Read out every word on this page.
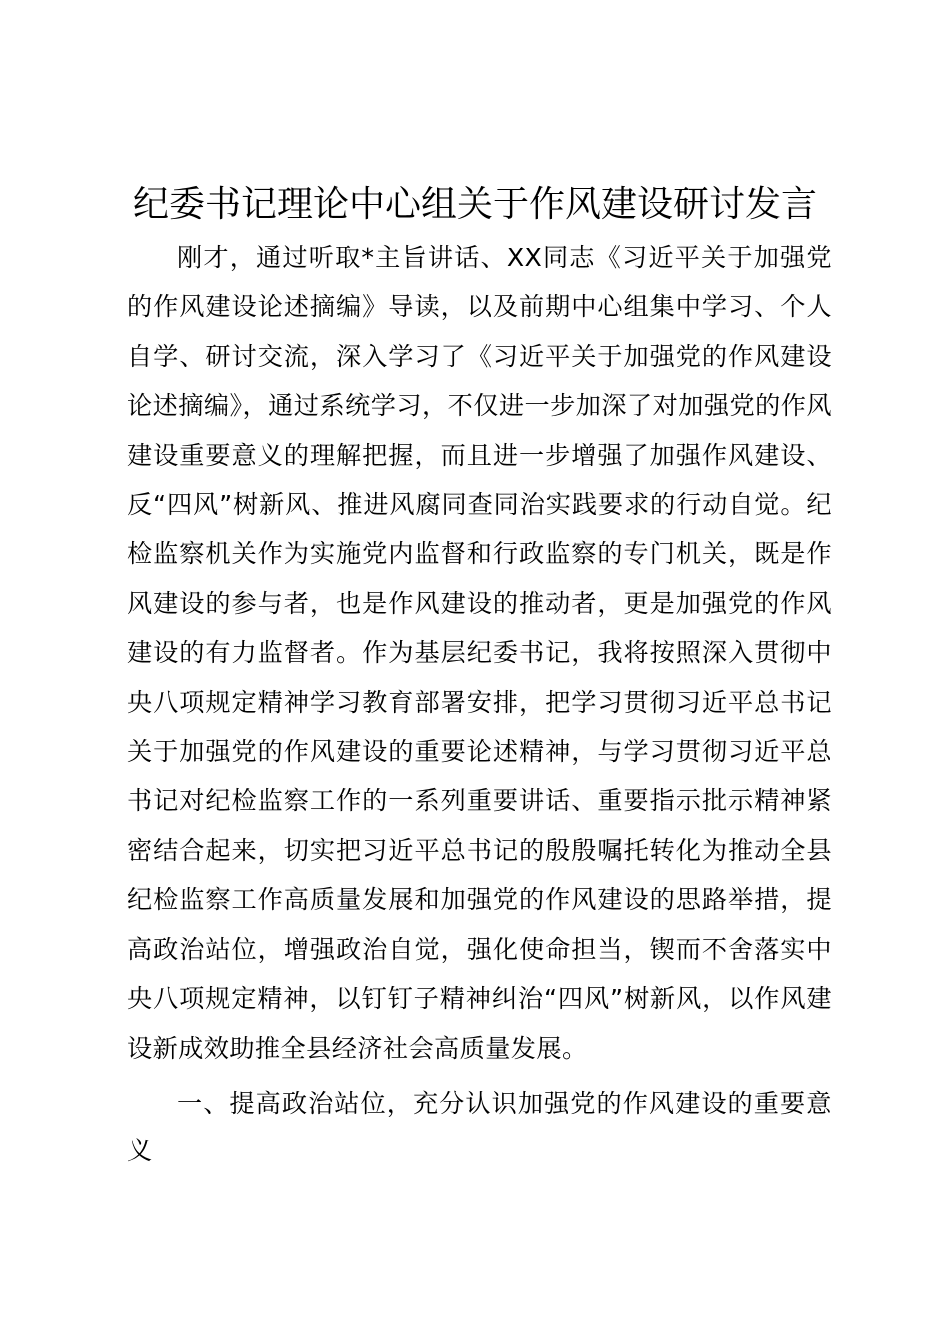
纪委书记理论中心组关于作风建设研讨发言

刚才，通过听取*主旨讲话、XX同志《习近平关于加强党的作风建设论述摘编》导读，以及前期中心组集中学习、个人自学、研讨交流，深入学习了《习近平关于加强党的作风建设论述摘编》，通过系统学习，不仅进一步加深了对加强党的作风建设重要意义的理解把握，而且进一步增强了加强作风建设、反“四风”树新风、推进风腐同查同治实践要求的行动自觉。纪检监察机关作为实施党内监督和行政监察的专门机关，既是作风建设的参与者，也是作风建设的推动者，更是加强党的作风建设的有力监督者。作为基层纪委书记，我将按照深入贯彻中央八项规定精神学习教育部署安排，把学习贯彻习近平总书记关于加强党的作风建设的重要论述精神，与学习贯彻习近平总书记对纪检监察工作的一系列重要讲话、重要指示批示精神紧密结合起来，切实把习近平总书记的殷殷嘱托转化为推动全县纪检监察工作高质量发展和加强党的作风建设的思路举措，提高政治站位，增强政治自觉，强化使命担当，锲而不舍落实中央八项规定精神，以钉钉子精神纠治“四风”树新风，以作风建设新成效助推全县经济社会高质量发展。

一、提高政治站位，充分认识加强党的作风建设的重要意义
